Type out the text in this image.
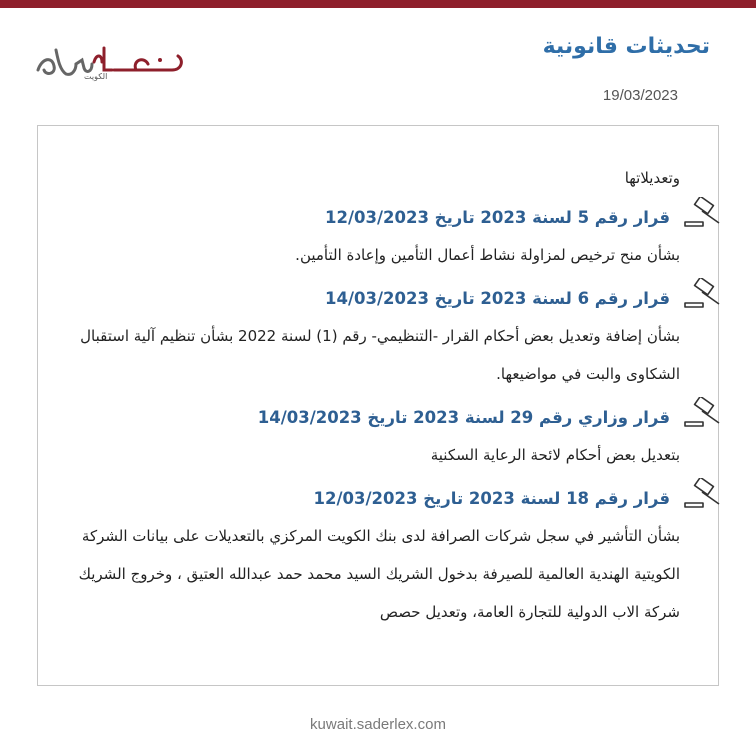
الكويت
تحديثات قانونية
19/03/2023
وتعديلاتها
قرار رقم 5 لسنة 2023 تاريخ 12/03/2023
بشأن منح ترخيص لمزاولة نشاط أعمال التأمين وإعادة التأمين.
قرار رقم 6 لسنة 2023 تاريخ 14/03/2023
بشأن إضافة وتعديل بعض أحكام القرار -التنظيمي- رقم (1) لسنة 2022 بشأن تنظيم آلية استقبال الشكاوى والبت في مواضيعها.
قرار وزاري رقم 29 لسنة 2023 تاريخ 14/03/2023
بتعديل بعض أحكام لائحة الرعاية السكنية
قرار رقم 18 لسنة 2023 تاريخ 12/03/2023
بشأن التأشير في سجل شركات الصرافة لدى بنك الكويت المركزي بالتعديلات على بيانات الشركة الكويتية الهندية العالمية للصيرفة بدخول الشريك السيد محمد حمد عبدالله العتيق ، وخروج الشريك شركة الاب الدولية للتجارة العامة، وتعديل حصص
kuwait.saderlex.com
